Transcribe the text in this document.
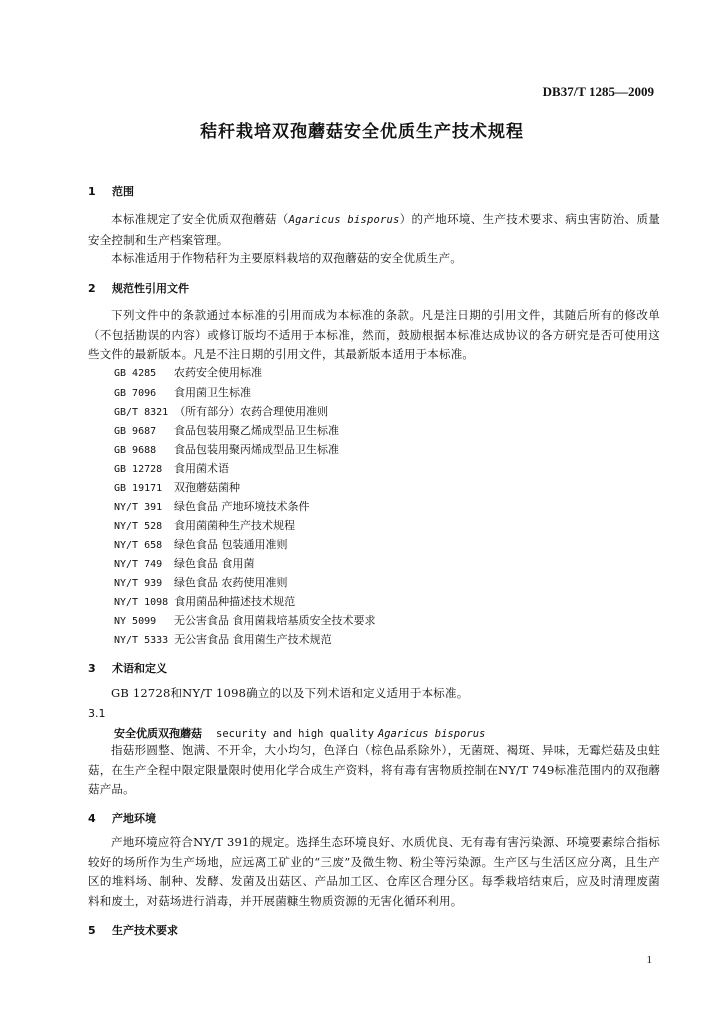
DB37/T 1285—2009
秸秆栽培双孢蘑菇安全优质生产技术规程
1 范围
本标准规定了安全优质双孢蘑菇（Agaricus bisporus）的产地环境、生产技术要求、病虫害防治、质量安全控制和生产档案管理。
本标准适用于作物秸秆为主要原料栽培的双孢蘑菇的安全优质生产。
2 规范性引用文件
下列文件中的条款通过本标准的引用而成为本标准的条款。凡是注日期的引用文件，其随后所有的修改单（不包括勘误的内容）或修订版均不适用于本标准，然而，鼓励根据本标准达成协议的各方研究是否可使用这些文件的最新版本。凡是不注日期的引用文件，其最新版本适用于本标准。
GB 4285 农药安全使用标准
GB 7096 食用菌卫生标准
GB/T 8321 （所有部分）农药合理使用准则
GB 9687 食品包装用聚乙烯成型品卫生标准
GB 9688 食品包装用聚丙烯成型品卫生标准
GB 12728 食用菌术语
GB 19171 双孢蘑菇菌种
NY/T 391 绿色食品 产地环境技术条件
NY/T 528 食用菌菌种生产技术规程
NY/T 658 绿色食品 包装通用准则
NY/T 749 绿色食品 食用菌
NY/T 939 绿色食品 农药使用准则
NY/T 1098 食用菌品种描述技术规范
NY 5099 无公害食品 食用菌栽培基质安全技术要求
NY/T 5333 无公害食品 食用菌生产技术规范
3 术语和定义
GB 12728和NY/T 1098确立的以及下列术语和定义适用于本标准。
3.1
安全优质双孢蘑菇 security and high quality Agaricus bisporus
指菇形圆整、饱满、不开伞，大小均匀，色泽白（棕色品系除外），无菌斑、褐斑、异味，无霉烂菇及虫蛀菇，在生产全程中限定限量限时使用化学合成生产资料，将有毒有害物质控制在NY/T 749标准范围内的双孢蘑菇产品。
4 产地环境
产地环境应符合NY/T 391的规定。选择生态环境良好、水质优良、无有毒有害污染源、环境要素综合指标较好的场所作为生产场地，应远离工矿业的“三废”及微生物、粉尘等污染源。生产区与生活区应分离，且生产区的堆料场、制种、发酵、发菌及出菇区、产品加工区、仓库区合理分区。每季栽培结束后，应及时清理废菌料和废土，对菇场进行消毒，并开展菌糠生物质资源的无害化循环利用。
5 生产技术要求
1
